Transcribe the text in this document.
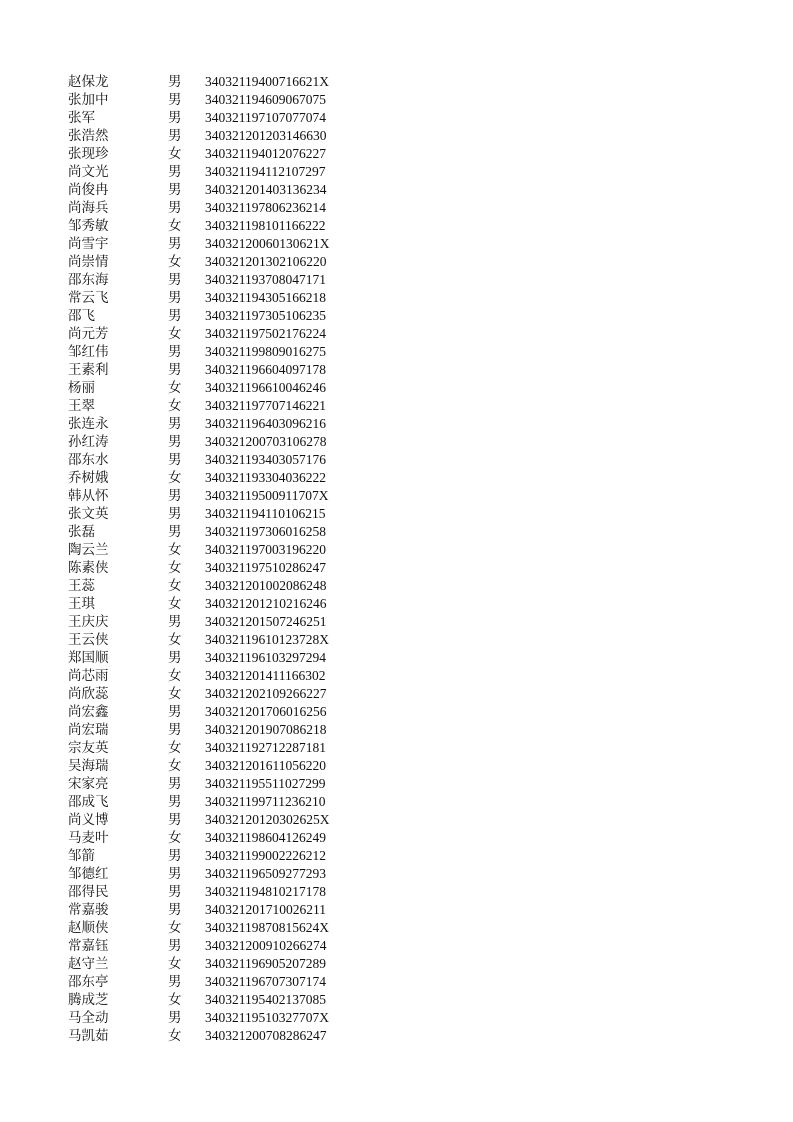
赵保龙	男	34032119400716621X
张加中	男	340321194609067075
张军	男	340321197107077074
张浩然	男	340321201203146630
张现珍	女	340321194012076227
尚文光	男	340321194112107297
尚俊冉	男	340321201403136234
尚海兵	男	340321197806236214
邹秀敏	女	340321198101166222
尚雪宇	男	34032120060130621X
尚崇情	女	340321201302106220
邵东海	男	340321193708047171
常云飞	男	340321194305166218
邵飞	男	340321197305106235
尚元芳	女	340321197502176224
邹红伟	男	340321199809016275
王素利	男	340321196604097178
杨丽	女	340321196610046246
王翠	女	340321197707146221
张连永	男	340321196403096216
孙红涛	男	340321200703106278
邵东水	男	340321193403057176
乔树娥	女	340321193304036222
韩从怀	男	34032119500911707X
张文英	男	340321194110106215
张磊	男	340321197306016258
陶云兰	女	340321197003196220
陈素侠	女	340321197510286247
王蕊	女	340321201002086248
王琪	女	340321201210216246
王庆庆	男	340321201507246251
王云侠	女	34032119610123728X
郑国顺	男	340321196103297294
尚芯雨	女	340321201411166302
尚欣蕊	女	340321202109266227
尚宏鑫	男	340321201706016256
尚宏瑞	男	340321201907086218
宗友英	女	340321192712287181
吴海瑞	女	340321201611056220
宋家亮	男	340321195511027299
邵成飞	男	340321199711236210
尚义博	男	34032120120302625X
马麦叶	女	340321198604126249
邹箭	男	340321199002226212
邹德红	男	340321196509277293
邵得民	男	340321194810217178
常嘉骏	男	340321201710026211
赵顺侠	女	34032119870815624X
常嘉钰	男	340321200910266274
赵守兰	女	340321196905207289
邵东亭	男	340321196707307174
腾成芝	女	340321195402137085
马全动	男	34032119510327707X
马凯茹	女	340321200708286247
